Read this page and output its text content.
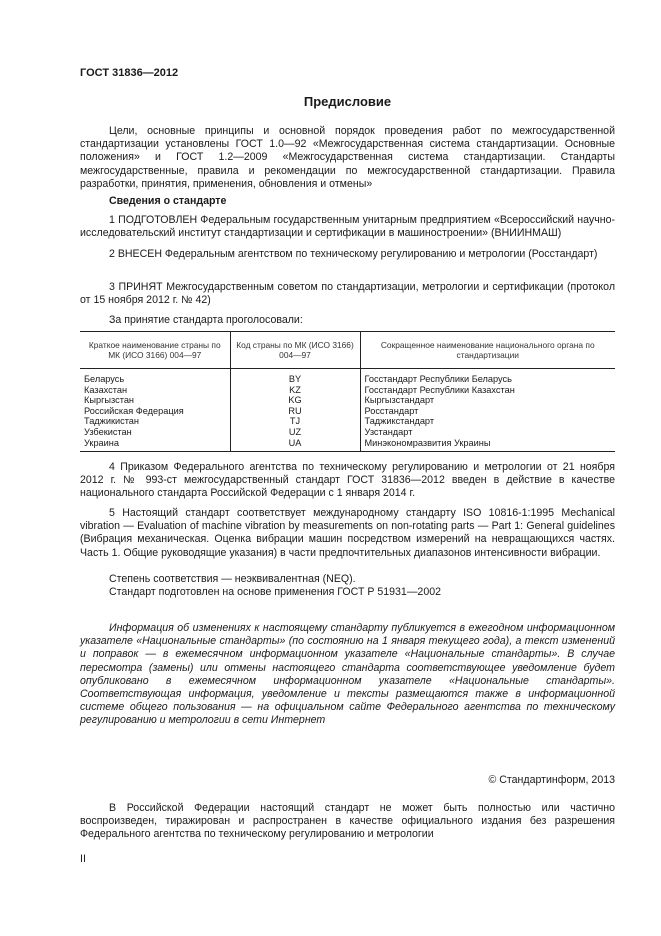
ГОСТ 31836—2012
Предисловие
Цели, основные принципы и основной порядок проведения работ по межгосударственной стандартизации установлены ГОСТ 1.0—92 «Межгосударственная система стандартизации. Основные положения» и ГОСТ 1.2—2009 «Межгосударственная система стандартизации. Стандарты межгосударственные, правила и рекомендации по межгосударственной стандартизации. Правила разработки, принятия, применения, обновления и отмены»
Сведения о стандарте
1 ПОДГОТОВЛЕН Федеральным государственным унитарным предприятием «Всероссийский научно-исследовательский институт стандартизации и сертификации в машиностроении» (ВНИИНМАШ)
2 ВНЕСЕН Федеральным агентством по техническому регулированию и метрологии (Росстандарт)
3 ПРИНЯТ Межгосударственным советом по стандартизации, метрологии и сертификации (протокол от 15 ноября 2012 г. № 42)
За принятие стандарта проголосовали:
Краткое наименование страны по МК (ИСО 3166) 004—97	Код страны по МК (ИСО 3166) 004—97	Сокращенное наименование национального органа по стандартизации
Беларусь	BY	Госстандарт Республики Беларусь
Казахстан	KZ	Госстандарт Республики Казахстан
Кыргызстан	KG	Кыргызстандарт
Российская Федерация	RU	Росстандарт
Таджикистан	TJ	Таджикстандарт
Узбекистан	UZ	Узстандарт
Украина	UA	Минэкономразвития Украины
4 Приказом Федерального агентства по техническому регулированию и метрологии от 21 ноября 2012 г. № 993-ст межгосударственный стандарт ГОСТ 31836—2012 введен в действие в качестве национального стандарта Российской Федерации с 1 января 2014 г.
5 Настоящий стандарт соответствует международному стандарту ISO 10816-1:1995 Mechanical vibration — Evaluation of machine vibration by measurements on non-rotating parts — Part 1: General guidelines (Вибрация механическая. Оценка вибрации машин посредством измерений на невращающихся частях. Часть 1. Общие руководящие указания) в части предпочтительных диапазонов интенсивности вибрации.
Степень соответствия — неэквивалентная (NEQ).
Стандарт подготовлен на основе применения ГОСТ Р 51931—2002
Информация об изменениях к настоящему стандарту публикуется в ежегодном информационном указателе «Национальные стандарты» (по состоянию на 1 января текущего года), а текст изменений и поправок — в ежемесячном информационном указателе «Национальные стандарты». В случае пересмотра (замены) или отмены настоящего стандарта соответствующее уведомление будет опубликовано в ежемесячном информационном указателе «Национальные стандарты». Соответствующая информация, уведомление и тексты размещаются также в информационной системе общего пользования — на официальном сайте Федерального агентства по техническому регулированию и метрологии в сети Интернет
© Стандартинформ, 2013
В Российской Федерации настоящий стандарт не может быть полностью или частично воспроизведен, тиражирован и распространен в качестве официального издания без разрешения Федерального агентства по техническому регулированию и метрологии
II
